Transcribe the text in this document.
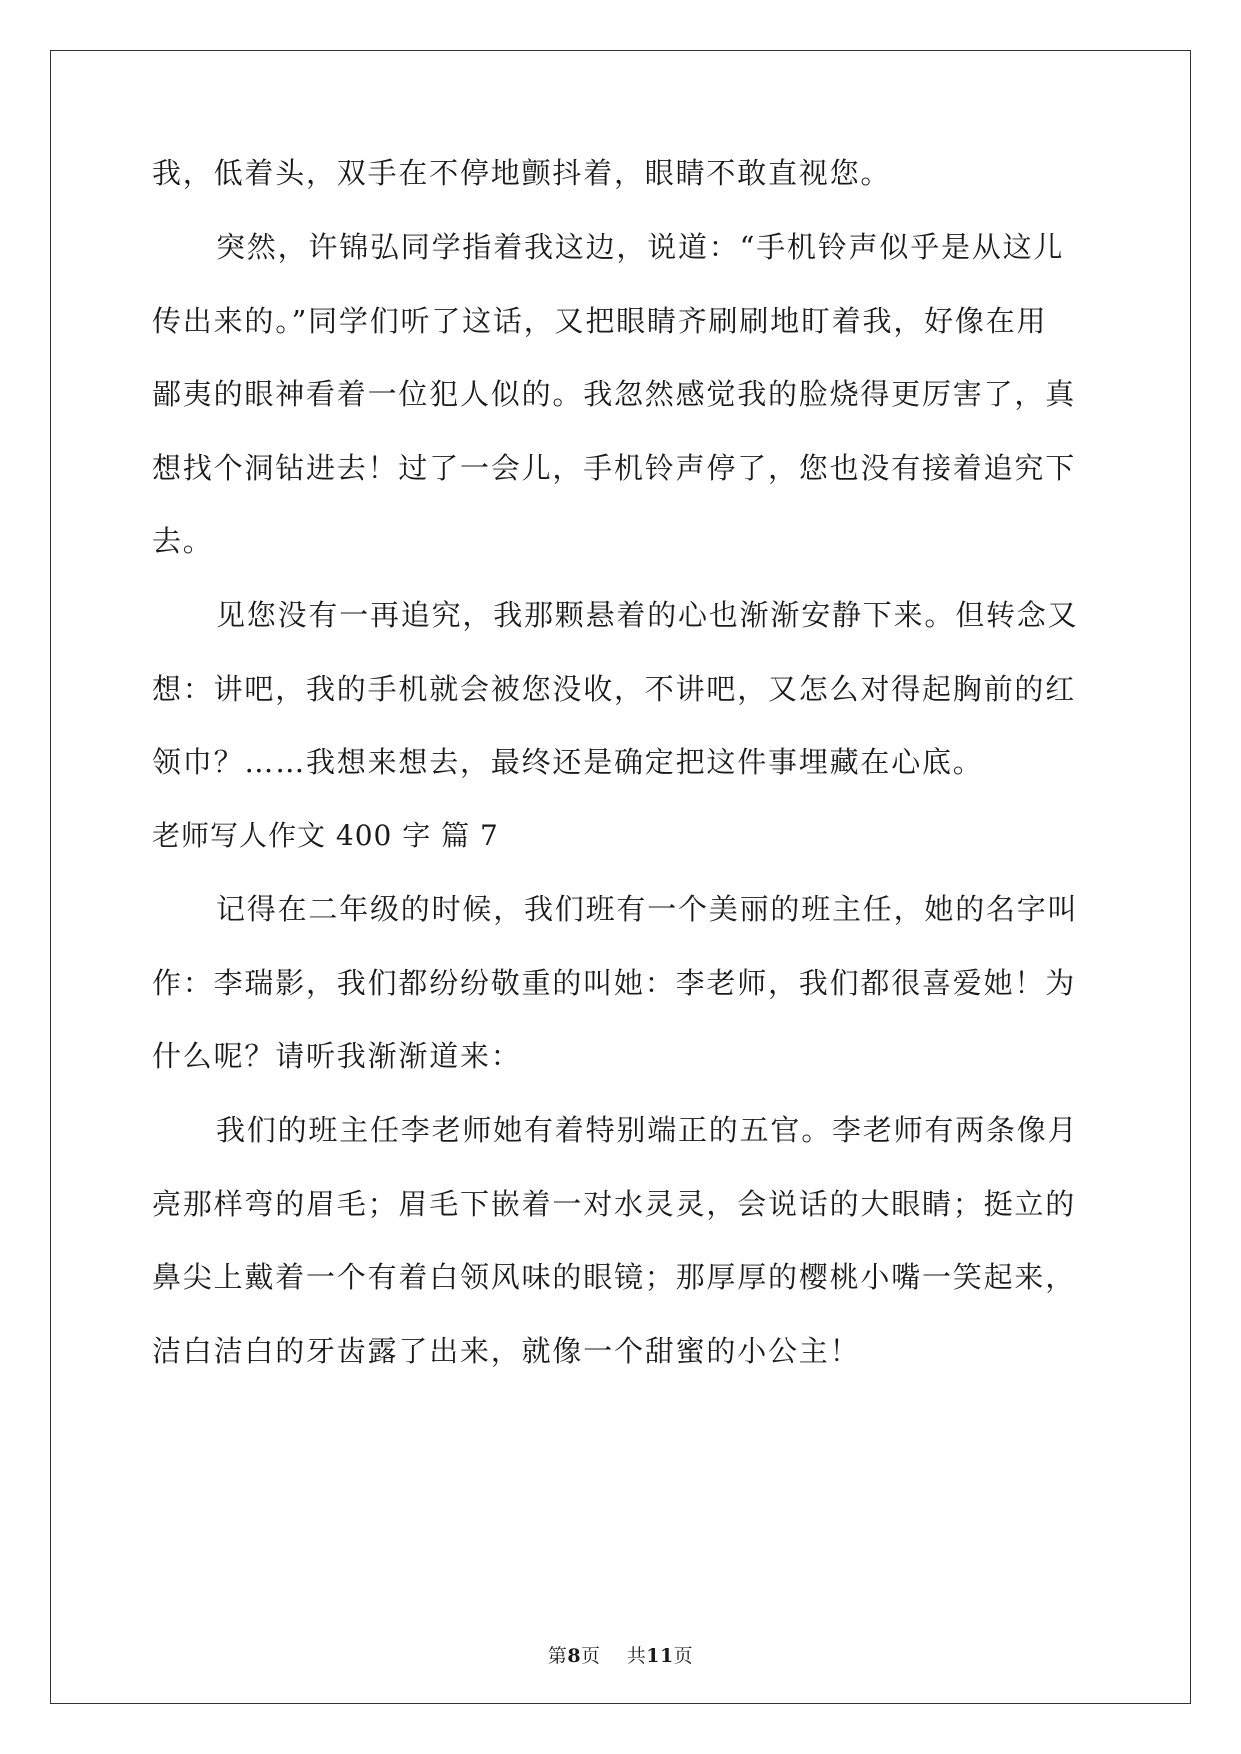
我，低着头，双手在不停地颤抖着，眼睛不敢直视您。
突然，许锦弘同学指着我这边，说道：“手机铃声似乎是从这儿
传出来的。”同学们听了这话，又把眼睛齐刷刷地盯着我，好像在用
鄙夷的眼神看着一位犯人似的。我忽然感觉我的脸烧得更厉害了，真
想找个洞钻进去！过了一会儿，手机铃声停了，您也没有接着追究下
去。
见您没有一再追究，我那颗悬着的心也渐渐安静下来。但转念又
想：讲吧，我的手机就会被您没收，不讲吧，又怎么对得起胸前的红
领巾？……我想来想去，最终还是确定把这件事埋藏在心底。
老师写人作文 400 字 篇 7
记得在二年级的时候，我们班有一个美丽的班主任，她的名字叫
作：李瑞影，我们都纷纷敬重的叫她：李老师，我们都很喜爱她！为
什么呢？请听我渐渐道来：
我们的班主任李老师她有着特别端正的五官。李老师有两条像月
亮那样弯的眉毛；眉毛下嵌着一对水灵灵，会说话的大眼睛；挺立的
鼻尖上戴着一个有着白领风味的眼镜；那厚厚的樱桃小嘴一笑起来，
洁白洁白的牙齿露了出来，就像一个甜蜜的小公主！
第8页    共11页
